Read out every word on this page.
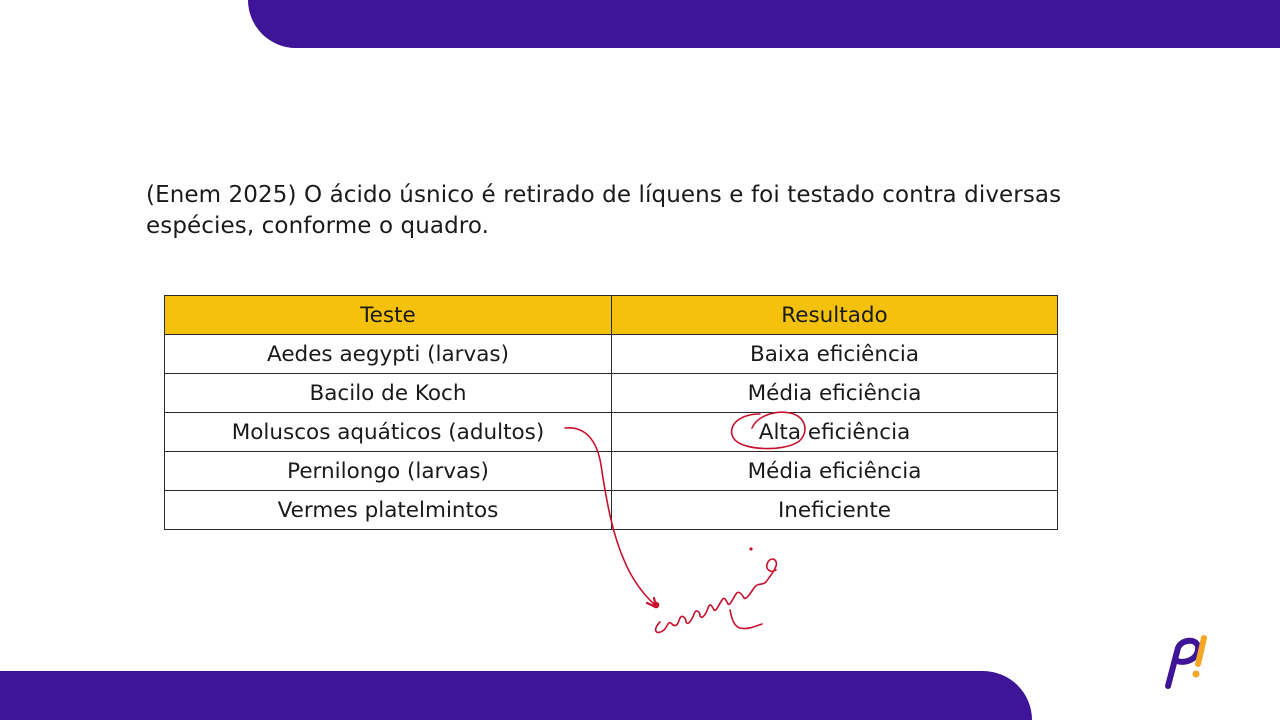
(Enem 2025) O ácido úsnico é retirado de líquens e foi testado contra diversas espécies, conforme o quadro.

Teste	Resultado
Aedes aegypti (larvas)	Baixa eficiência
Bacilo de Koch	Média eficiência
Moluscos aquáticos (adultos)	Alta eficiência
Pernilongo (larvas)	Média eficiência
Vermes platelmintos	Ineficiente
